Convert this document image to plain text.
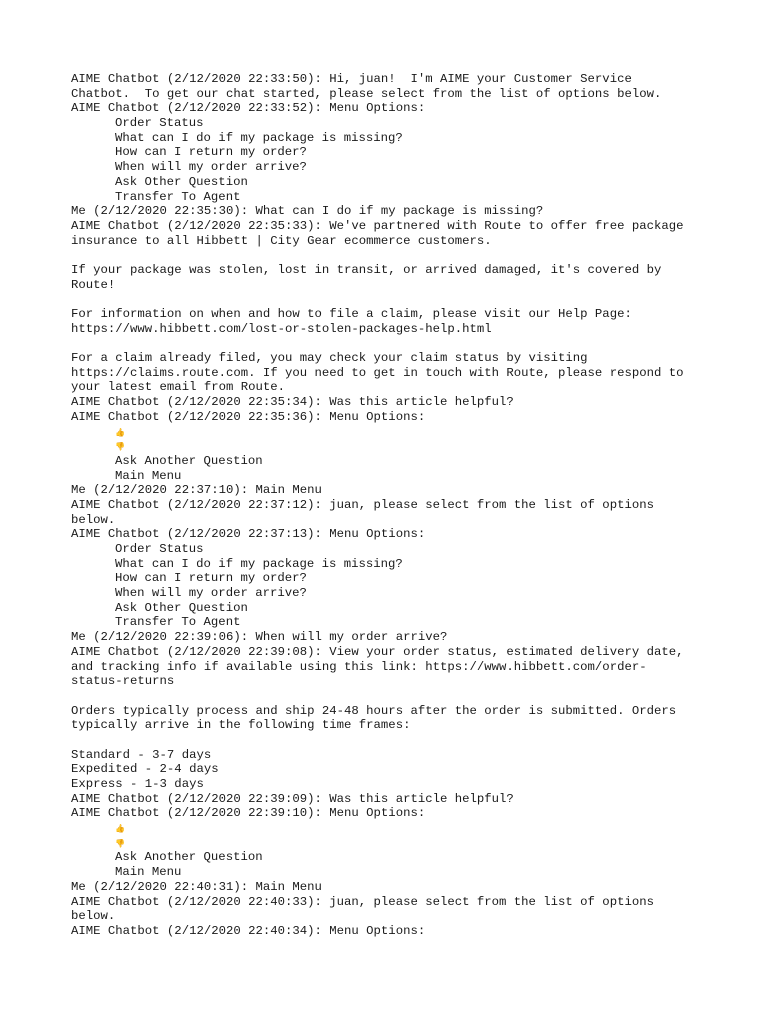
AIME Chatbot (2/12/2020 22:33:50): Hi, juan!  I'm AIME your Customer Service
Chatbot.  To get our chat started, please select from the list of options below.
AIME Chatbot (2/12/2020 22:33:52): Menu Options:
Order Status
What can I do if my package is missing?
How can I return my order?
When will my order arrive?
Ask Other Question
Transfer To Agent
Me (2/12/2020 22:35:30): What can I do if my package is missing?
AIME Chatbot (2/12/2020 22:35:33): We've partnered with Route to offer free package
insurance to all Hibbett | City Gear ecommerce customers.
If your package was stolen, lost in transit, or arrived damaged, it's covered by
Route!
For information on when and how to file a claim, please visit our Help Page:
https://www.hibbett.com/lost-or-stolen-packages-help.html
For a claim already filed, you may check your claim status by visiting
https://claims.route.com. If you need to get in touch with Route, please respond to
your latest email from Route.
AIME Chatbot (2/12/2020 22:35:34): Was this article helpful?
AIME Chatbot (2/12/2020 22:35:36): Menu Options:
👍
👎
Ask Another Question
Main Menu
Me (2/12/2020 22:37:10): Main Menu
AIME Chatbot (2/12/2020 22:37:12): juan, please select from the list of options
below.
AIME Chatbot (2/12/2020 22:37:13): Menu Options:
Order Status
What can I do if my package is missing?
How can I return my order?
When will my order arrive?
Ask Other Question
Transfer To Agent
Me (2/12/2020 22:39:06): When will my order arrive?
AIME Chatbot (2/12/2020 22:39:08): View your order status, estimated delivery date,
and tracking info if available using this link: https://www.hibbett.com/order-
status-returns
Orders typically process and ship 24-48 hours after the order is submitted. Orders
typically arrive in the following time frames:
Standard - 3-7 days
Expedited - 2-4 days
Express - 1-3 days
AIME Chatbot (2/12/2020 22:39:09): Was this article helpful?
AIME Chatbot (2/12/2020 22:39:10): Menu Options:
👍
👎
Ask Another Question
Main Menu
Me (2/12/2020 22:40:31): Main Menu
AIME Chatbot (2/12/2020 22:40:33): juan, please select from the list of options
below.
AIME Chatbot (2/12/2020 22:40:34): Menu Options:
